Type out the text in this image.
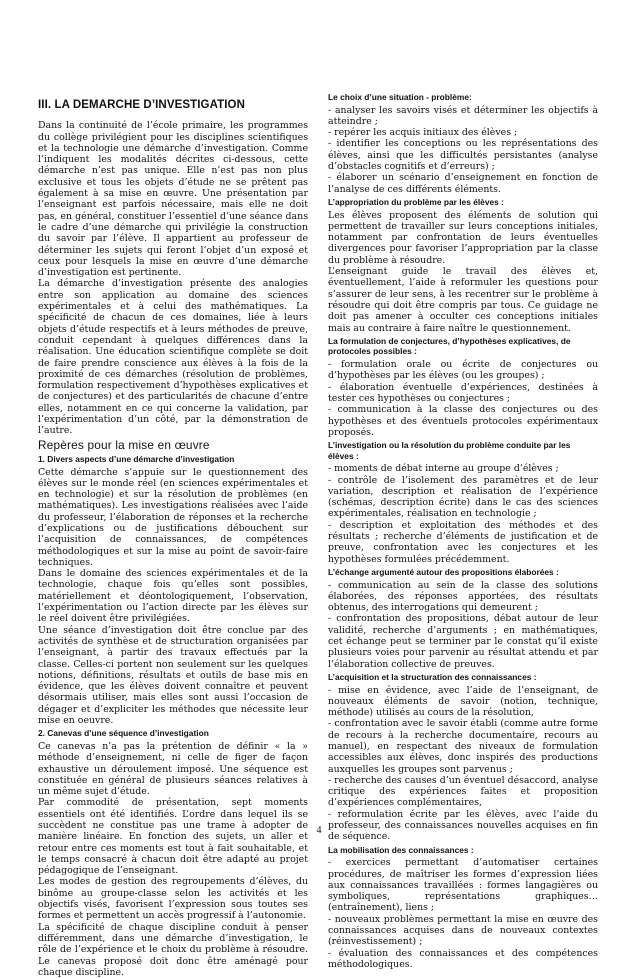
III. LA DEMARCHE D’INVESTIGATION

Dans la continuité de l’école primaire, les programmes du collège privilégient pour les disciplines scientifiques et la technologie une démarche d’investigation. Comme l’indiquent les modalités décrites ci-dessous, cette démarche n’est pas unique. Elle n’est pas non plus exclusive et tous les objets d’étude ne se prêtent pas également à sa mise en œuvre. Une présentation par l’enseignant est parfois nécessaire, mais elle ne doit pas, en général, constituer l’essentiel d’une séance dans le cadre d’une démarche qui privilégie la construction du savoir par l’élève. Il appartient au professeur de déterminer les sujets qui feront l’objet d’un exposé et ceux pour lesquels la mise en œuvre d’une démarche d’investigation est pertinente.

La démarche d’investigation présente des analogies entre son application au domaine des sciences expérimentales et à celui des mathématiques. La spécificité de chacun de ces domaines, liée à leurs objets d’étude respectifs et à leurs méthodes de preuve, conduit cependant à quelques différences dans la réalisation. Une éducation scientifique complète se doit de faire prendre conscience aux élèves à la fois de la proximité de ces démarches (résolution de problèmes, formulation respectivement d’hypothèses explicatives et de conjectures) et des particularités de chacune d’entre elles, notamment en ce qui concerne la validation, par l’expérimentation d’un côté, par la démonstration de l’autre.

Repères pour la mise en œuvre
1. Divers aspects d’une démarche d’investigation

Cette démarche s’appuie sur le questionnement des élèves sur le monde réel (en sciences expérimentales et en technologie) et sur la résolution de problèmes (en mathématiques). Les investigations réalisées avec l’aide du professeur, l’élaboration de réponses et la recherche d’explications ou de justifications débouchent sur l’acquisition de connaissances, de compétences méthodologiques et sur la mise au point de savoir-faire techniques.

Dans le domaine des sciences expérimentales et de la technologie, chaque fois qu’elles sont possibles, matériellement et déontologiquement, l’observation, l’expérimentation ou l’action directe par les élèves sur le réel doivent être privilégiées.

Une séance d’investigation doit être conclue par des activités de synthèse et de structuration organisées par l’enseignant, à partir des travaux effectués par la classe. Celles-ci portent non seulement sur les quelques notions, définitions, résultats et outils de base mis en évidence, que les élèves doivent connaître et peuvent désormais utiliser, mais elles sont aussi l’occasion de dégager et d’expliciter les méthodes que nécessite leur mise en oeuvre.

2. Canevas d’une séquence d’investigation

Ce canevas n’a pas la prétention de définir « la » méthode d’enseignement, ni celle de figer de façon exhaustive un déroulement imposé. Une séquence est constituée en général de plusieurs séances relatives à un même sujet d’étude.

Par commodité de présentation, sept moments essentiels ont été identifiés. L’ordre dans lequel ils se succèdent ne constitue pas une trame à adopter de manière linéaire. En fonction des sujets, un aller et retour entre ces moments est tout à fait souhaitable, et le temps consacré à chacun doit être adapté au projet pédagogique de l’enseignant.

Les modes de gestion des regroupements d’élèves, du binôme au groupe-classe selon les activités et les objectifs visés, favorisent l’expression sous toutes ses formes et permettent un accès progressif à l’autonomie.

La spécificité de chaque discipline conduit à penser différemment, dans une démarche d’investigation, le rôle de l’expérience et le choix du problème à résoudre. Le canevas proposé doit donc être aménagé pour chaque discipline.

Le choix d’une situation - problème:

- analyser les savoirs visés et déterminer les objectifs à atteindre ;

- repérer les acquis initiaux des élèves ;

- identifier les conceptions ou les représentations des élèves, ainsi que les difficultés persistantes (analyse d’obstacles cognitifs et d’erreurs) ;

- élaborer un scénario d’enseignement en fonction de l’analyse de ces différents éléments.

L’appropriation du problème par les élèves :

Les élèves proposent des éléments de solution qui permettent de travailler sur leurs conceptions initiales, notamment par confrontation de leurs éventuelles divergences pour favoriser l’appropriation par la classe du problème à résoudre.

L’enseignant guide le travail des élèves et, éventuellement, l’aide à reformuler les questions pour s’assurer de leur sens, à les recentrer sur le problème à résoudre qui doit être compris par tous. Ce guidage ne doit pas amener à occulter ces conceptions initiales mais au contraire à faire naître le questionnement.

La formulation de conjectures, d’hypothèses explicatives, de protocoles possibles :

- formulation orale ou écrite de conjectures ou d’hypothèses par les élèves (ou les groupes) ;

- élaboration éventuelle d’expériences, destinées à tester ces hypothèses ou conjectures ;

- communication à la classe des conjectures ou des hypothèses et des éventuels protocoles expérimentaux proposés.

L’investigation ou la résolution du problème conduite par les élèves :

- moments de débat interne au groupe d’élèves ;

- contrôle de l’isolement des paramètres et de leur variation, description et réalisation de l’expérience (schémas, description écrite) dans le cas des sciences expérimentales, réalisation en technologie ;

- description et exploitation des méthodes et des résultats ; recherche d’éléments de justification et de preuve, confrontation avec les conjectures et les hypothèses formulées précédemment.

L’échange argumenté autour des propositions élaborées :

- communication au sein de la classe des solutions élaborées, des réponses apportées, des résultats obtenus, des interrogations qui demeurent ;

- confrontation des propositions, débat autour de leur validité, recherche d’arguments ; en mathématiques, cet échange peut se terminer par le constat qu’il existe plusieurs voies pour parvenir au résultat attendu et par l’élaboration collective de preuves.

L’acquisition et la structuration des connaissances :

- mise en évidence, avec l’aide de l’enseignant, de nouveaux éléments de savoir (notion, technique, méthode) utilisés au cours de la résolution,

- confrontation avec le savoir établi (comme autre forme de recours à la recherche documentaire, recours au manuel), en respectant des niveaux de formulation accessibles aux élèves, donc inspirés des productions auxquelles les groupes sont parvenus ;

- recherche des causes d’un éventuel désaccord, analyse critique des expériences faites et proposition d’expériences complémentaires,

- reformulation écrite par les élèves, avec l’aide du professeur, des connaissances nouvelles acquises en fin de séquence.

La mobilisation des connaissances :

- exercices permettant d’automatiser certaines procédures, de maîtriser les formes d’expression liées aux connaissances travaillées : formes langagières ou symboliques, représentations graphiques… (entraînement), liens ;

- nouveaux problèmes permettant la mise en œuvre des connaissances acquises dans de nouveaux contextes (réinvestissement) ;

- évaluation des connaissances et des compétences méthodologiques.

4
